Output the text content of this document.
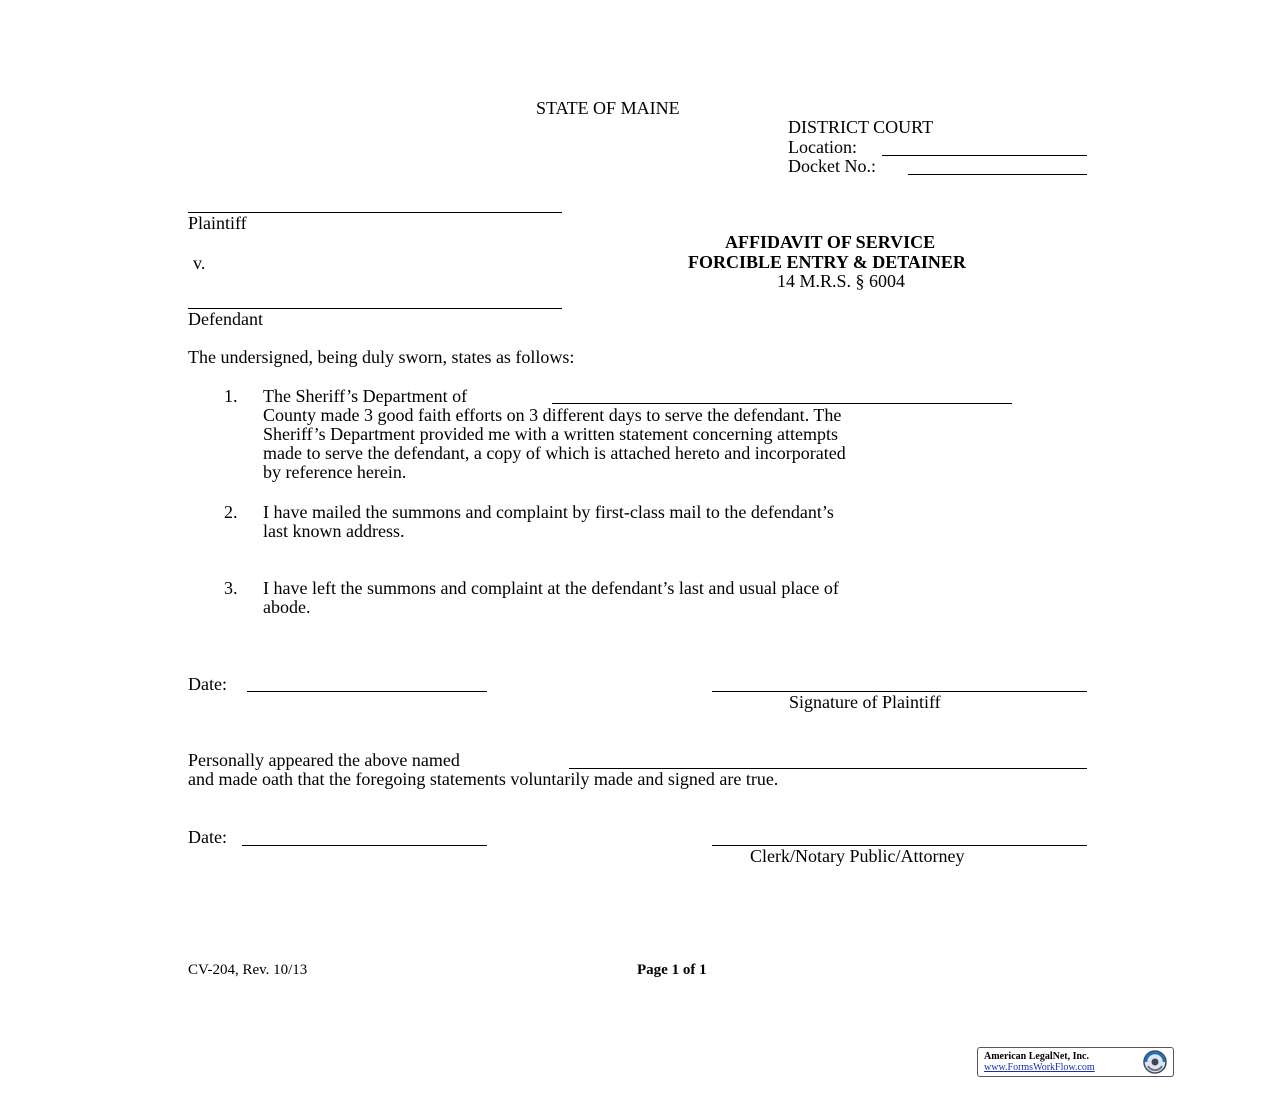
STATE OF MAINE
DISTRICT COURT
Location:
Docket No.:
Plaintiff
v.
Defendant
AFFIDAVIT OF SERVICE
FORCIBLE ENTRY & DETAINER
14 M.R.S. § 6004
The undersigned, being duly sworn, states as follows:
1. The Sheriff’s Department of

County made 3 good faith efforts on 3 different days to serve the defendant. The

Sheriff’s Department provided me with a written statement concerning attempts

made to serve the defendant, a copy of which is attached hereto and incorporated

by reference herein.

2. I have mailed the summons and complaint by first-class mail to the defendant’s

last known address.

3. I have left the summons and complaint at the defendant’s last and usual place of

abode.

Date:
Signature of Plaintiff
Personally appeared the above named
and made oath that the foregoing statements voluntarily made and signed are true.
Date:
Clerk/Notary Public/Attorney
CV-204, Rev. 10/13	Page 1 of 1
American LegalNet, Inc.
www.FormsWorkFlow.com
